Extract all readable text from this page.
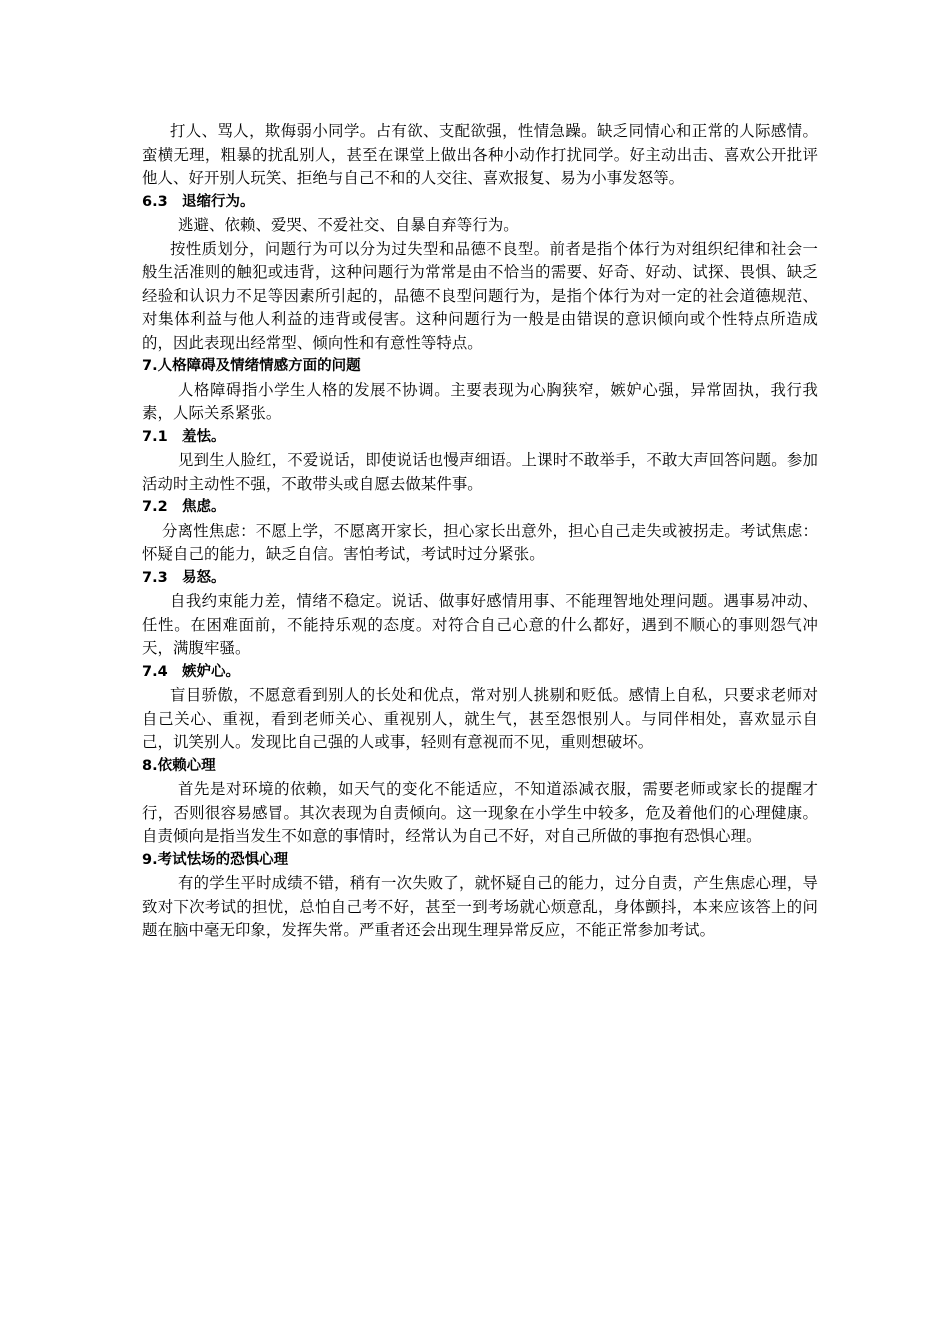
打人、骂人，欺侮弱小同学。占有欲、支配欲强，性情急躁。缺乏同情心和正常的人际感情。蛮横无理，粗暴的扰乱别人，甚至在课堂上做出各种小动作打扰同学。好主动出击、喜欢公开批评他人、好开别人玩笑、拒绝与自己不和的人交往、喜欢报复、易为小事发怒等。

6.3 退缩行为。

逃避、依赖、爱哭、不爱社交、自暴自弃等行为。

按性质划分，问题行为可以分为过失型和品德不良型。前者是指个体行为对组织纪律和社会一般生活准则的触犯或违背，这种问题行为常常是由不恰当的需要、好奇、好动、试探、畏惧、缺乏经验和认识力不足等因素所引起的，品德不良型问题行为，是指个体行为对一定的社会道德规范、对集体利益与他人利益的违背或侵害。这种问题行为一般是由错误的意识倾向或个性特点所造成的，因此表现出经常型、倾向性和有意性等特点。

7.人格障碍及情绪情感方面的问题

人格障碍指小学生人格的发展不协调。主要表现为心胸狭窄，嫉妒心强，异常固执，我行我素，人际关系紧张。

7.1 羞怯。

见到生人脸红，不爱说话，即使说话也慢声细语。上课时不敢举手，不敢大声回答问题。参加活动时主动性不强，不敢带头或自愿去做某件事。

7.2 焦虑。

分离性焦虑：不愿上学，不愿离开家长，担心家长出意外，担心自己走失或被拐走。考试焦虑：怀疑自己的能力，缺乏自信。害怕考试，考试时过分紧张。

7.3 易怒。

自我约束能力差，情绪不稳定。说话、做事好感情用事、不能理智地处理问题。遇事易冲动、任性。在困难面前，不能持乐观的态度。对符合自己心意的什么都好，遇到不顺心的事则怨气冲天，满腹牢骚。

7.4 嫉妒心。

盲目骄傲，不愿意看到别人的长处和优点，常对别人挑剔和贬低。感情上自私，只要求老师对自己关心、重视，看到老师关心、重视别人，就生气，甚至怨恨别人。与同伴相处，喜欢显示自己，讥笑别人。发现比自己强的人或事，轻则有意视而不见，重则想破坏。

8.依赖心理

首先是对环境的依赖，如天气的变化不能适应，不知道添减衣服，需要老师或家长的提醒才行，否则很容易感冒。其次表现为自责倾向。这一现象在小学生中较多，危及着他们的心理健康。自责倾向是指当发生不如意的事情时，经常认为自己不好，对自己所做的事抱有恐惧心理。

9.考试怯场的恐惧心理

有的学生平时成绩不错，稍有一次失败了，就怀疑自己的能力，过分自责，产生焦虑心理，导致对下次考试的担忧，总怕自己考不好，甚至一到考场就心烦意乱，身体颤抖，本来应该答上的问题在脑中毫无印象，发挥失常。严重者还会出现生理异常反应，不能正常参加考试。
